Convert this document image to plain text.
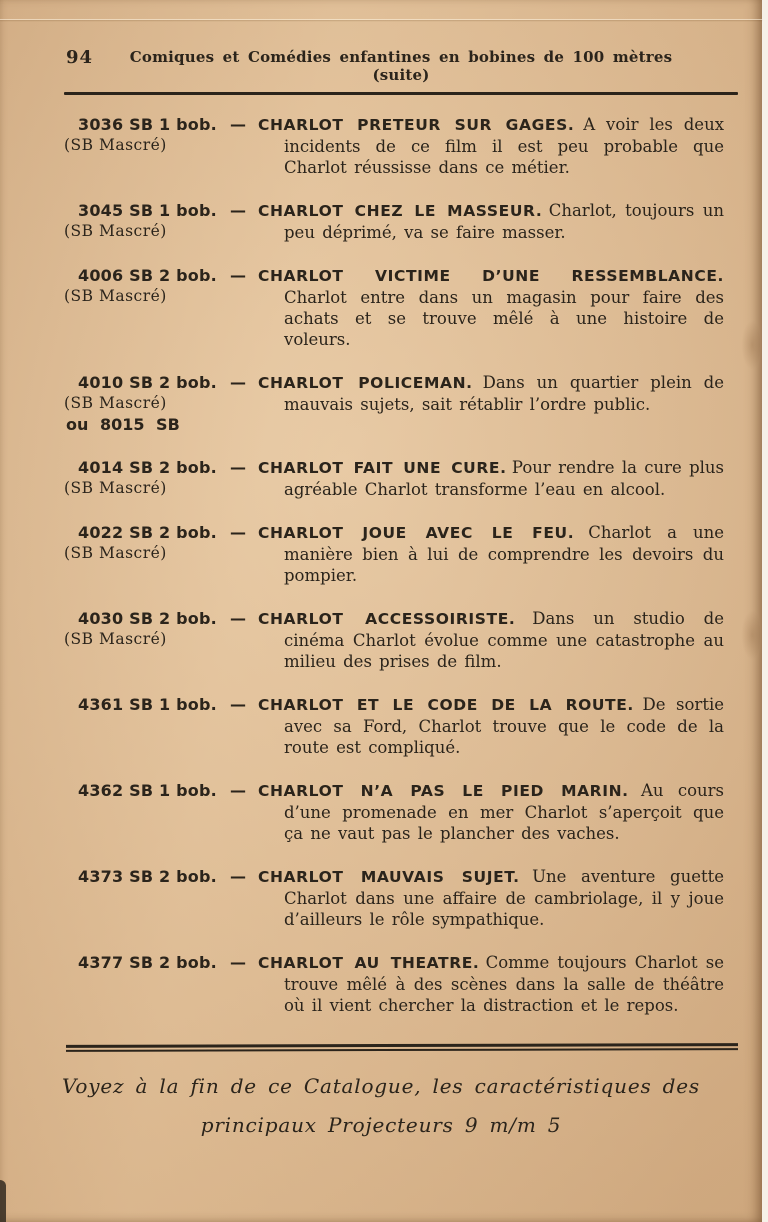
94	Comiques et Comédies enfantines en bobines de 100 mètres (suite)
3036 SB 1 bob.
(SB Mascré)
— CHARLOT PRETEUR SUR GAGES. A voir les deux incidents de ce film il est peu probable que Charlot réussisse dans ce métier.
3045 SB 1 bob.
(SB Mascré)
— CHARLOT CHEZ LE MASSEUR. Charlot, toujours un peu déprimé, va se faire masser.
4006 SB 2 bob.
(SB Mascré)
— CHARLOT VICTIME D’UNE RESSEMBLANCE. Charlot entre dans un magasin pour faire des achats et se trouve mêlé à une histoire de voleurs.
4010 SB 2 bob.
(SB Mascré)
ou 8015 SB
— CHARLOT POLICEMAN. Dans un quartier plein de mauvais sujets, sait rétablir l’ordre public.
4014 SB 2 bob.
(SB Mascré)
— CHARLOT FAIT UNE CURE. Pour rendre la cure plus agréable Charlot transforme l’eau en alcool.
4022 SB 2 bob.
(SB Mascré)
— CHARLOT JOUE AVEC LE FEU. Charlot a une manière bien à lui de comprendre les devoirs du pompier.
4030 SB 2 bob.
(SB Mascré)
— CHARLOT ACCESSOIRISTE. Dans un studio de cinéma Charlot évolue comme une catastrophe au milieu des prises de film.
4361 SB 1 bob. — CHARLOT ET LE CODE DE LA ROUTE. De sortie avec sa Ford, Charlot trouve que le code de la route est compliqué.
4362 SB 1 bob. — CHARLOT N’A PAS LE PIED MARIN. Au cours d’une promenade en mer Charlot s’aperçoit que ça ne vaut pas le plancher des vaches.
4373 SB 2 bob. — CHARLOT MAUVAIS SUJET. Une aventure guette Charlot dans une affaire de cambriolage, il y joue d’ailleurs le rôle sympathique.
4377 SB 2 bob. — CHARLOT AU THEATRE. Comme toujours Charlot se trouve mêlé à des scènes dans la salle de théâtre où il vient chercher la distraction et le repos.
Voyez à la fin de ce Catalogue, les caractéristiques des
principaux Projecteurs 9 m/m 5
